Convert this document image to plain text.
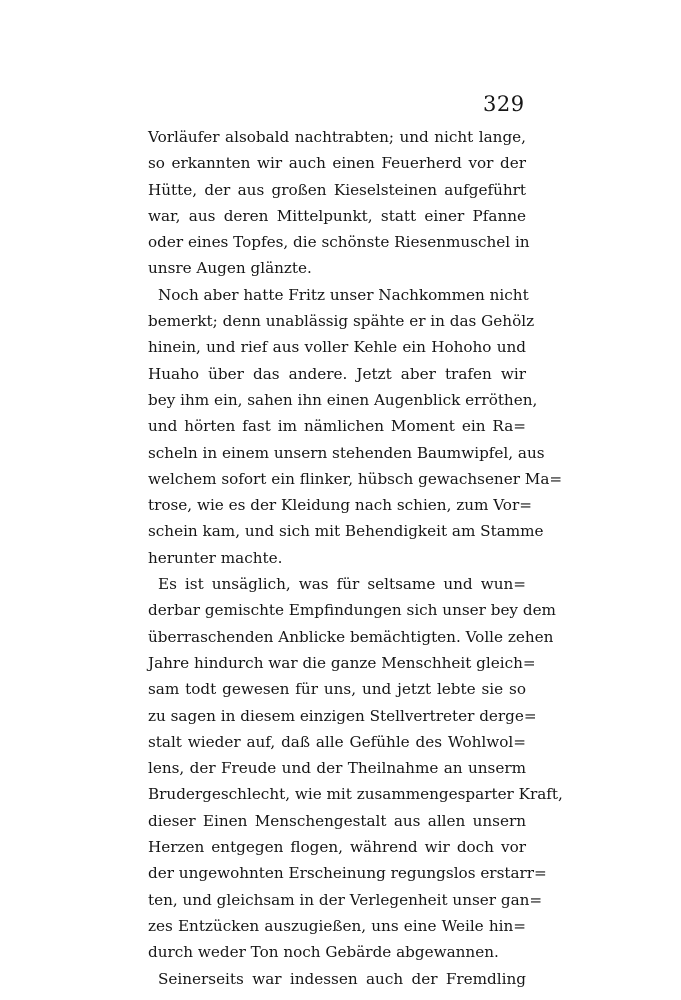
329
Vorläufer alsobald nachtrabten; und nicht lange,
so erkannten wir auch einen Feuerherd vor der
Hütte, der aus großen Kieselsteinen aufgeführt
war, aus deren Mittelpunkt, statt einer Pfanne
oder eines Topfes, die schönste Riesenmuschel in
unsre Augen glänzte.
Noch aber hatte Fritz unser Nachkommen nicht
bemerkt; denn unablässig spähte er in das Gehölz
hinein, und rief aus voller Kehle ein Hohoho und
Huaho über das andere. Jetzt aber trafen wir
bey ihm ein, sahen ihn einen Augenblick erröthen,
und hörten fast im nämlichen Moment ein Ra=
scheln in einem unsern stehenden Baumwipfel, aus
welchem sofort ein flinker, hübsch gewachsener Ma=
trose, wie es der Kleidung nach schien, zum Vor=
schein kam, und sich mit Behendigkeit am Stamme
herunter machte.
Es ist unsäglich, was für seltsame und wun=
derbar gemischte Empfindungen sich unser bey dem
überraschenden Anblicke bemächtigten. Volle zehen
Jahre hindurch war die ganze Menschheit gleich=
sam todt gewesen für uns, und jetzt lebte sie so
zu sagen in diesem einzigen Stellvertreter derge=
stalt wieder auf, daß alle Gefühle des Wohlwol=
lens, der Freude und der Theilnahme an unserm
Brudergeschlecht, wie mit zusammengesparter Kraft,
dieser Einen Menschengestalt aus allen unsern
Herzen entgegen flogen, während wir doch vor
der ungewohnten Erscheinung regungslos erstarr=
ten, und gleichsam in der Verlegenheit unser gan=
zes Entzücken auszugießen, uns eine Weile hin=
durch weder Ton noch Gebärde abgewannen.
Seinerseits war indessen auch der Fremdling
